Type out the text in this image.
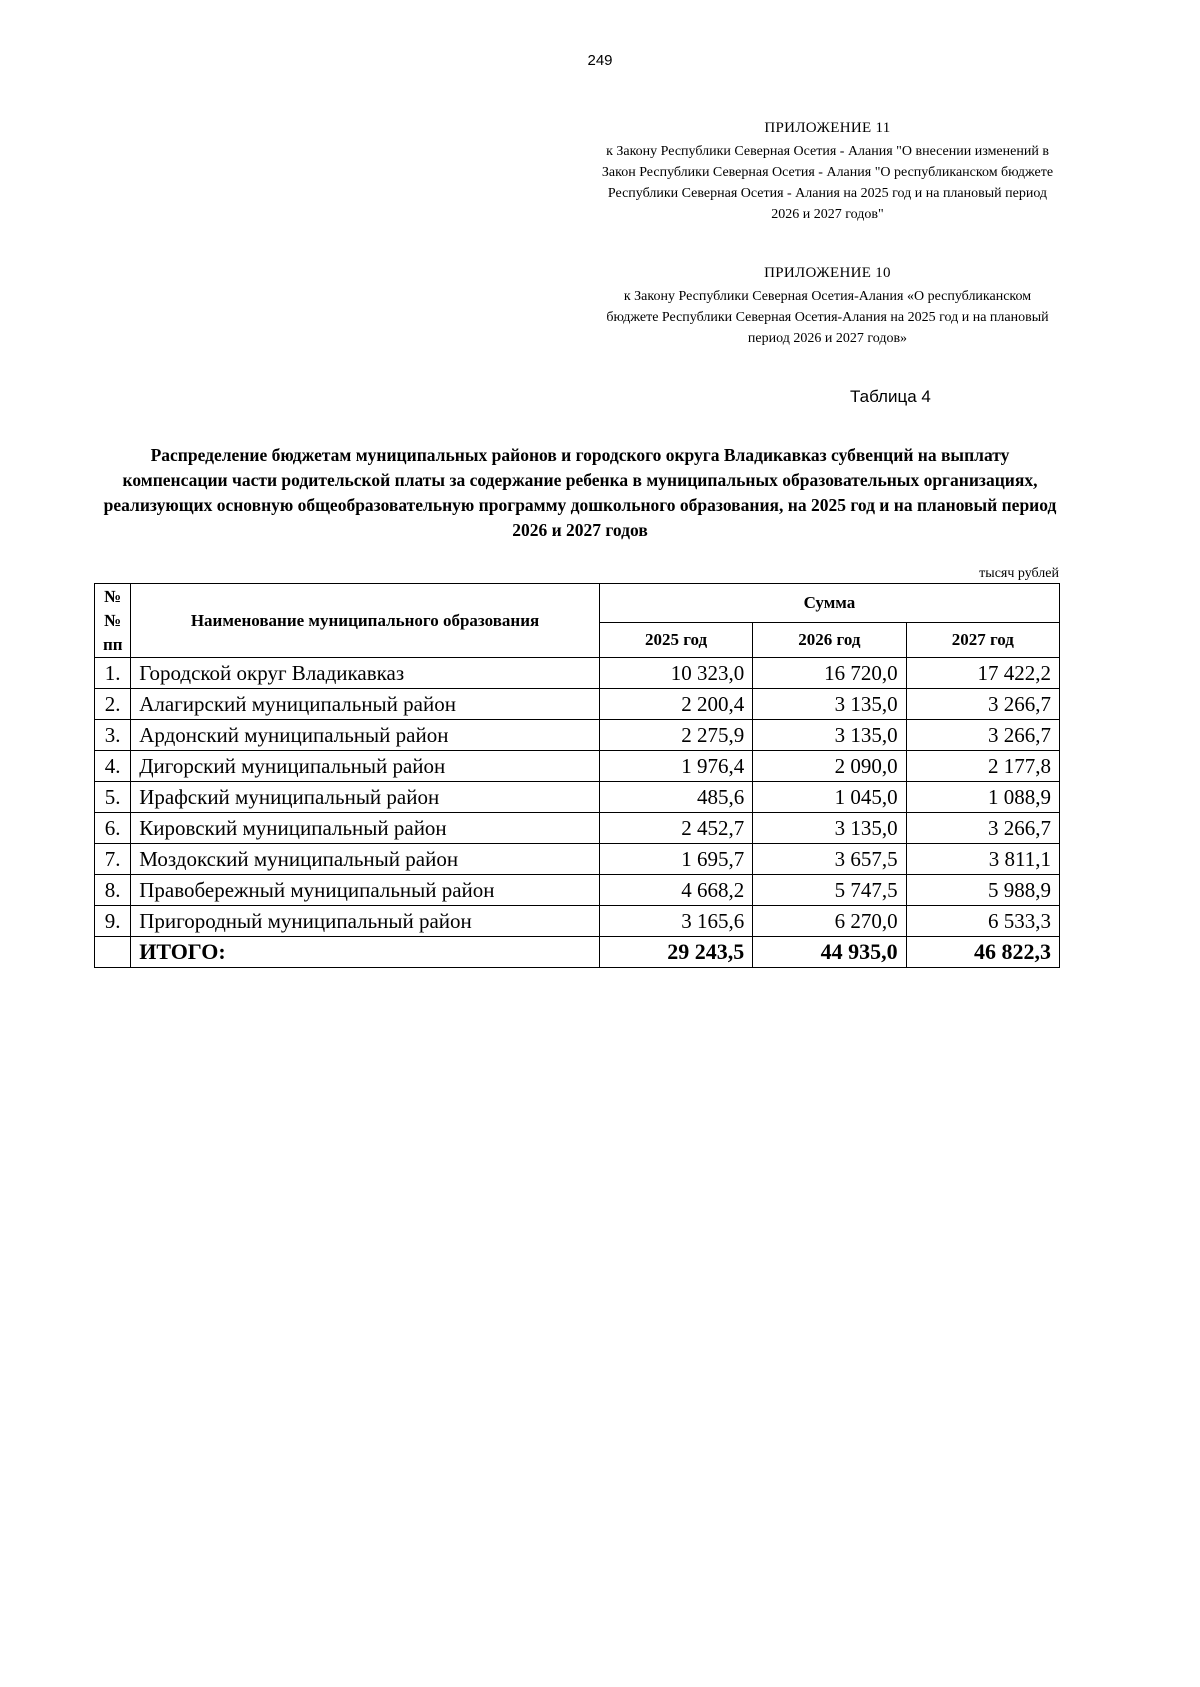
249
ПРИЛОЖЕНИЕ 11
к Закону Республики Северная Осетия - Алания "О внесении изменений в Закон Республики Северная Осетия - Алания "О республиканском бюджете Республики Северная Осетия - Алания на 2025 год и на плановый период 2026 и 2027 годов"
ПРИЛОЖЕНИЕ 10
к Закону Республики Северная Осетия-Алания «О республиканском бюджете Республики Северная Осетия-Алания на 2025 год и на плановый период 2026 и 2027 годов»
Таблица 4
Распределение бюджетам муниципальных районов и городского округа Владикавказ субвенций на выплату компенсации части родительской платы за содержание ребенка в муниципальных образовательных организациях, реализующих основную общеобразовательную программу дошкольного образования, на 2025 год и на плановый период 2026 и 2027 годов
тысяч рублей
№№ пп	Наименование муниципального образования	Сумма		
		2025 год	2026 год	2027 год
1.	Городской округ Владикавказ	10 323,0	16 720,0	17 422,2
2.	Алагирский муниципальный район	2 200,4	3 135,0	3 266,7
3.	Ардонский муниципальный район	2 275,9	3 135,0	3 266,7
4.	Дигорский муниципальный район	1 976,4	2 090,0	2 177,8
5.	Ирафский муниципальный район	485,6	1 045,0	1 088,9
6.	Кировский муниципальный район	2 452,7	3 135,0	3 266,7
7.	Моздокский муниципальный район	1 695,7	3 657,5	3 811,1
8.	Правобережный муниципальный район	4 668,2	5 747,5	5 988,9
9.	Пригородный муниципальный район	3 165,6	6 270,0	6 533,3
	ИТОГО:	29 243,5	44 935,0	46 822,3
